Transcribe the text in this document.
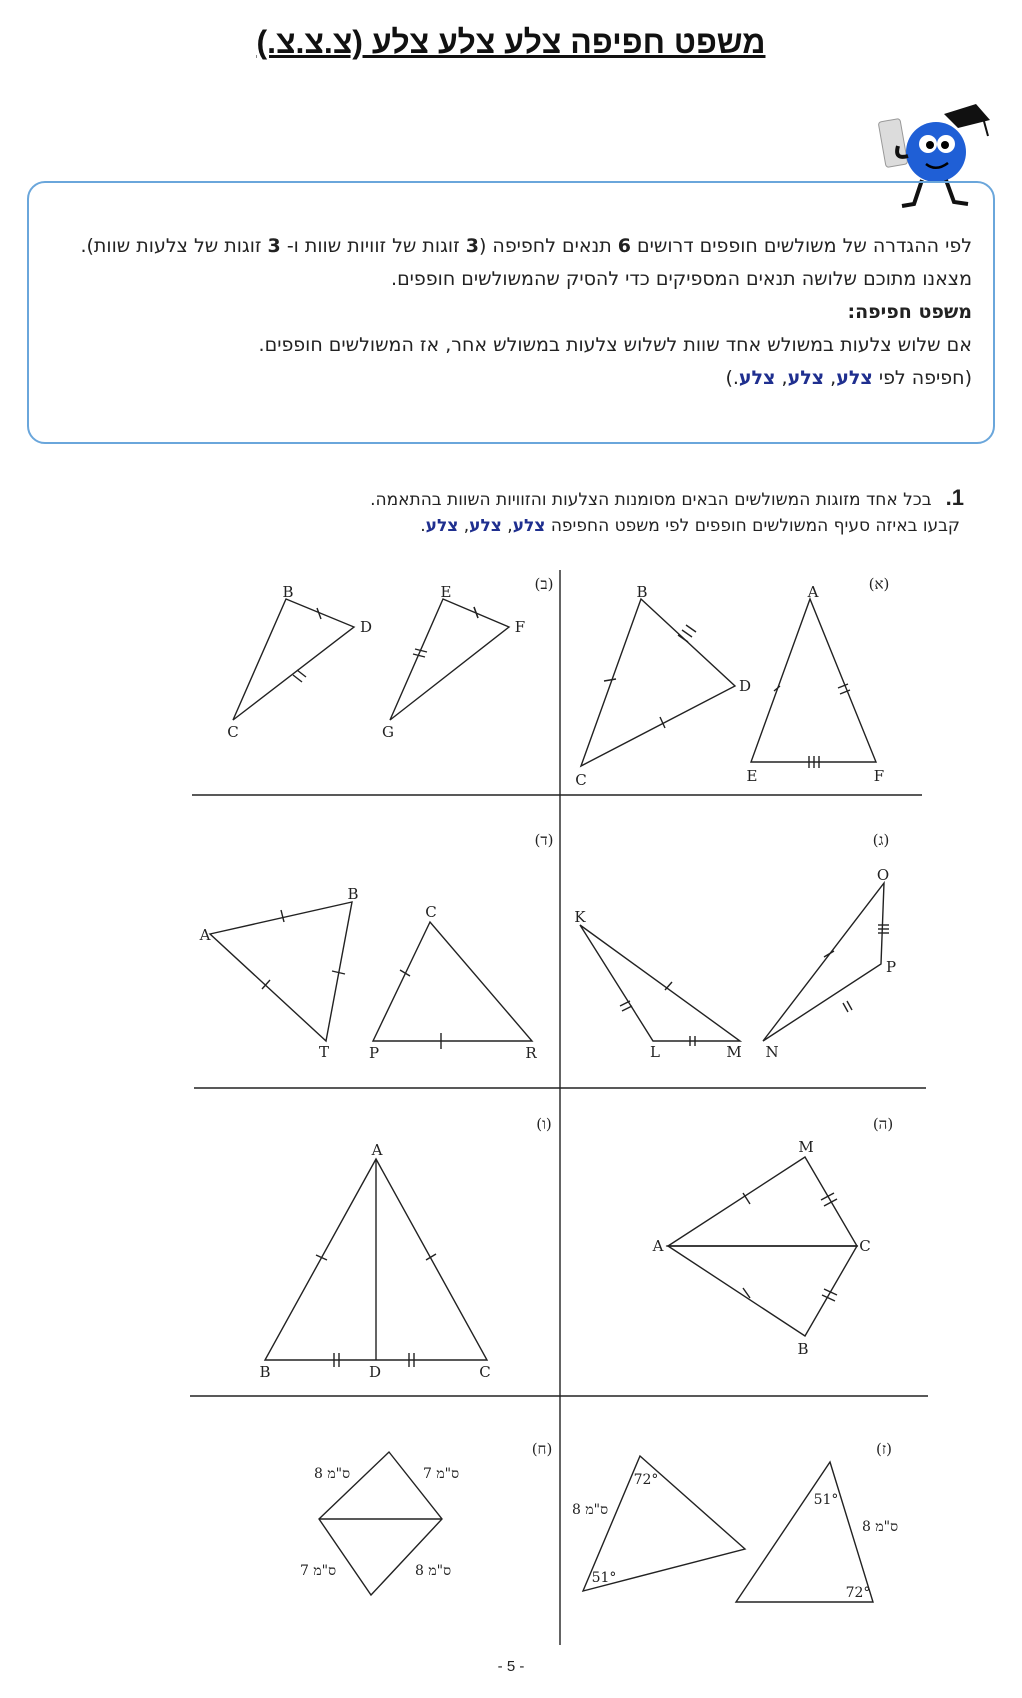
משפט חפיפה צלע צלע צלע (צ.צ.צ.)

לפי ההגדרה של משולשים חופפים דרושים 6 תנאים לחפיפה (3 זוגות של זוויות שוות ו- 3 זוגות של צלעות שוות).

מצאנו מתוכם שלושה תנאים המספיקים כדי להסיק שהמשולשים חופפים.

משפט חפיפה:

אם שלוש צלעות במשולש אחד שוות לשלוש צלעות במשולש אחר, אז המשולשים חופפים.

(חפיפה לפי צלע, צלע, צלע.)

1.בכל אחד מזוגות המשולשים הבאים מסומנות הצלעות והזוויות השוות בהתאמה.
קבעו באיזה סעיף המשולשים חופפים לפי משפט החפיפה צלע, צלע, צלע.
(א)
(ב)
(ג)
(ד)
(ה)
(ו)
(ז)
(ח)
A
E	F
B
D
C
E
F
G
B
D
C
O
P
N
K
L	M
C
P	R
B
A
T
M
A	C
B
A
B	D	C
72°
51°
8 ס"מ
51°
72°
8 ס"מ
8 ס"מ	7 ס"מ
7 ס"מ	8 ס"מ
- 5 -
